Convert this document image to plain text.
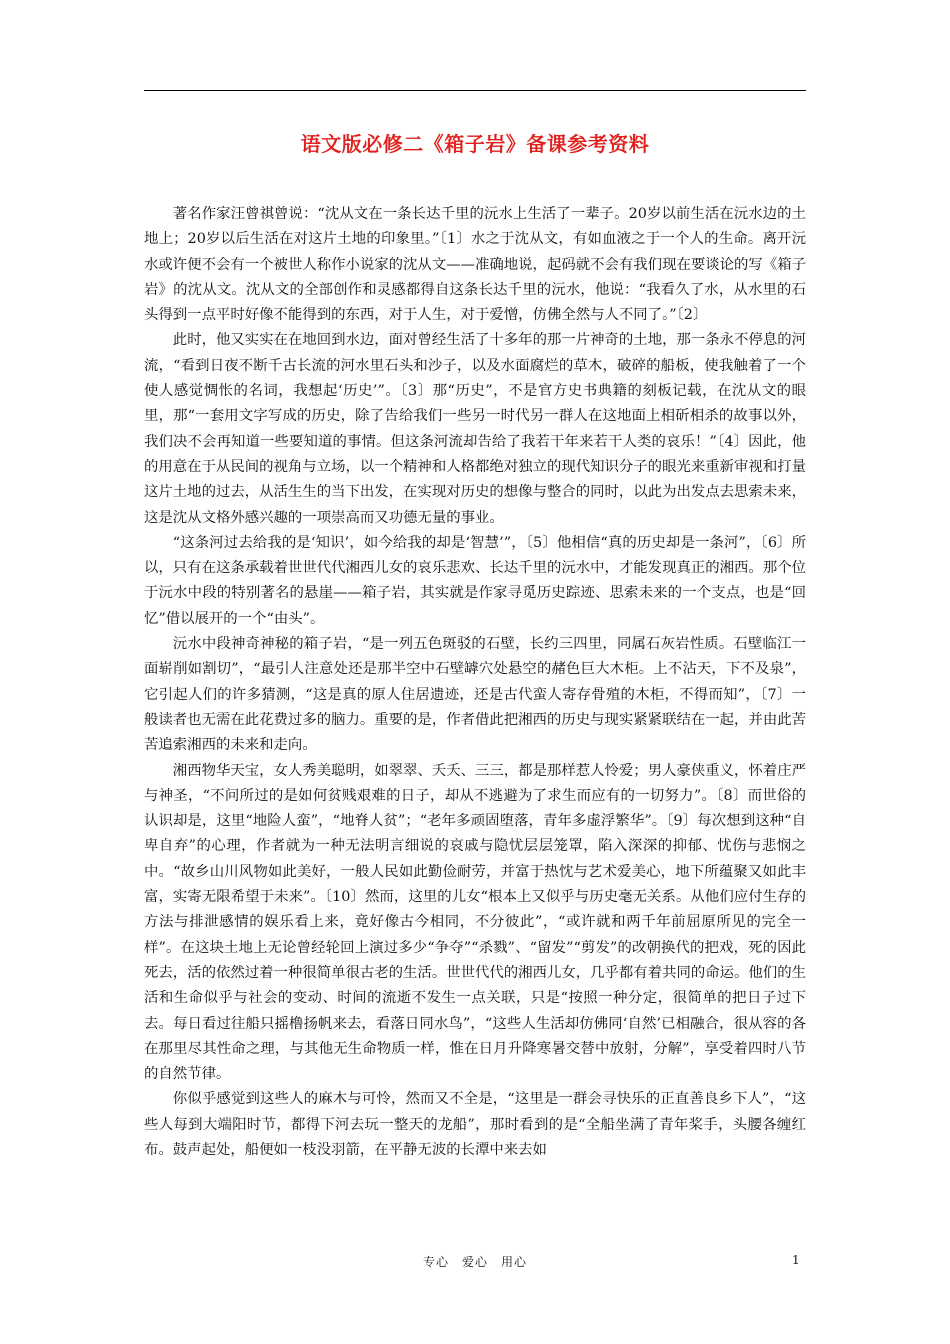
语文版必修二《箱子岩》备课参考资料

著名作家汪曾祺曾说：“沈从文在一条长达千里的沅水上生活了一辈子。20岁以前生活在沅水边的土地上；20岁以后生活在对这片土地的印象里。”〔1〕水之于沈从文，有如血液之于一个人的生命。离开沅水或许便不会有一个被世人称作小说家的沈从文——准确地说，起码就不会有我们现在要谈论的写《箱子岩》的沈从文。沈从文的全部创作和灵感都得自这条长达千里的沅水，他说：“我看久了水，从水里的石头得到一点平时好像不能得到的东西，对于人生，对于爱憎，仿佛全然与人不同了。”〔2〕

此时，他又实实在在地回到水边，面对曾经生活了十多年的那一片神奇的土地，那一条永不停息的河流，“看到日夜不断千古长流的河水里石头和沙子，以及水面腐烂的草木，破碎的船板，使我触着了一个使人感觉惆怅的名词，我想起‘历史’”。〔3〕那“历史”，不是官方史书典籍的刻板记载，在沈从文的眼里，那“一套用文字写成的历史，除了告给我们一些另一时代另一群人在这地面上相斫相杀的故事以外，我们决不会再知道一些要知道的事情。但这条河流却告给了我若干年来若干人类的哀乐！”〔4〕因此，他的用意在于从民间的视角与立场，以一个精神和人格都绝对独立的现代知识分子的眼光来重新审视和打量这片土地的过去，从活生生的当下出发，在实现对历史的想像与整合的同时，以此为出发点去思索未来，这是沈从文格外感兴趣的一项崇高而又功德无量的事业。

“这条河过去给我的是‘知识’，如今给我的却是‘智慧’”，〔5〕他相信“真的历史却是一条河”，〔6〕所以，只有在这条承载着世世代代湘西儿女的哀乐悲欢、长达千里的沅水中，才能发现真正的湘西。那个位于沅水中段的特别著名的悬崖——箱子岩，其实就是作家寻觅历史踪迹、思索未来的一个支点，也是“回忆”借以展开的一个“由头”。

沅水中段神奇神秘的箱子岩，“是一列五色斑驳的石壁，长约三四里，同属石灰岩性质。石壁临江一面崭削如割切”，“最引人注意处还是那半空中石壁罅穴处悬空的赭色巨大木柜。上不沾天，下不及泉”，它引起人们的许多猜测，“这是真的原人住居遗迹，还是古代蛮人寄存骨殖的木柜，不得而知”，〔7〕一般读者也无需在此花费过多的脑力。重要的是，作者借此把湘西的历史与现实紧紧联结在一起，并由此苦苦追索湘西的未来和走向。

湘西物华天宝，女人秀美聪明，如翠翠、夭夭、三三，都是那样惹人怜爱；男人豪侠重义，怀着庄严与神圣，“不问所过的是如何贫贱艰难的日子，却从不逃避为了求生而应有的一切努力”。〔8〕而世俗的认识却是，这里“地险人蛮”，“地脊人贫”；“老年多顽固堕落，青年多虚浮繁华”。〔9〕每次想到这种“自卑自弃”的心理，作者就为一种无法明言细说的哀戚与隐忧层层笼罩，陷入深深的抑郁、忧伤与悲悯之中。“故乡山川风物如此美好，一般人民如此勤俭耐劳，并富于热忱与艺术爱美心，地下所蕴聚又如此丰富，实寄无限希望于未来”。〔10〕然而，这里的儿女“根本上又似乎与历史毫无关系。从他们应付生存的方法与排泄感情的娱乐看上来，竟好像古今相同，不分彼此”，“或许就和两千年前屈原所见的完全一样”。在这块土地上无论曾经轮回上演过多少“争夺”“杀戮”、“留发”“剪发”的改朝换代的把戏，死的因此死去，活的依然过着一种很简单很古老的生活。世世代代的湘西儿女，几乎都有着共同的命运。他们的生活和生命似乎与社会的变动、时间的流逝不发生一点关联，只是“按照一种分定，很简单的把日子过下去。每日看过往船只摇橹扬帆来去，看落日同水鸟”，“这些人生活却仿佛同‘自然’已相融合，很从容的各在那里尽其性命之理，与其他无生命物质一样，惟在日月升降寒暑交替中放射，分解”，享受着四时八节的自然节律。

你似乎感觉到这些人的麻木与可怜，然而又不全是，“这里是一群会寻快乐的正直善良乡下人”，“这些人每到大端阳时节，都得下河去玩一整天的龙船”，那时看到的是“全船坐满了青年桨手，头腰各缠红布。鼓声起处，船便如一枝没羽箭，在平静无波的长潭中来去如

专心　爱心　用心	1
